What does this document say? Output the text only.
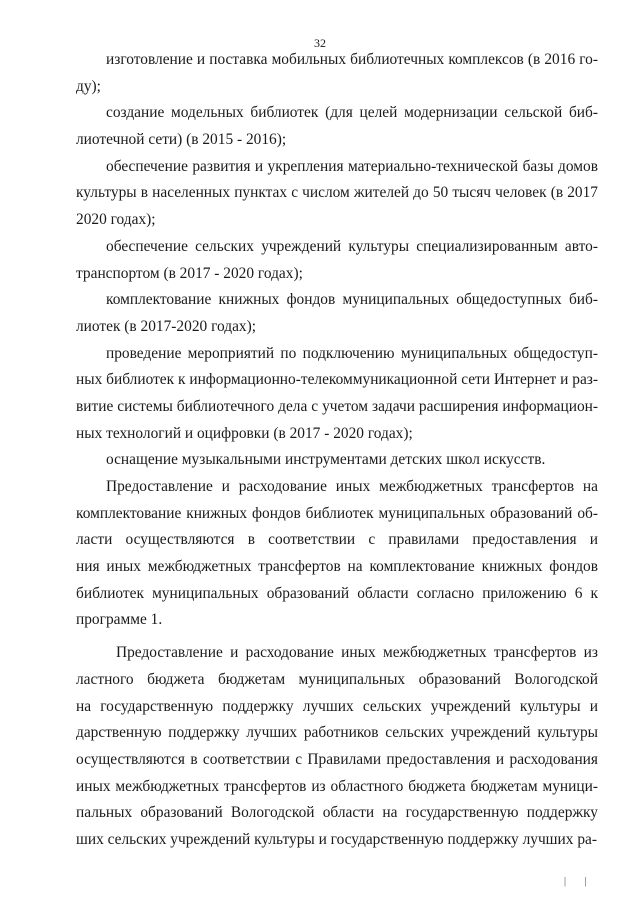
32
изготовление и поставка мобильных библиотечных комплексов (в 2016 го-
ду);
создание модельных библиотек (для целей модернизации сельской биб-
лиотечной сети) (в 2015 - 2016);
обеспечение развития и укрепления материально-технической базы домов
культуры в населенных пунктах с числом жителей до 50 тысяч человек (в 2017
2020 годах);
обеспечение сельских учреждений культуры специализированным авто-
транспортом (в 2017 - 2020 годах);
комплектование книжных фондов муниципальных общедоступных биб-
лиотек (в 2017-2020 годах);
проведение мероприятий по подключению муниципальных общедоступ-
ных библиотек к информационно-телекоммуникационной сети Интернет и раз-
витие системы библиотечного дела с учетом задачи расширения информацион-
ных технологий и оцифровки (в 2017 - 2020 годах);
оснащение музыкальными инструментами детских школ искусств.
Предоставление и расходование иных межбюджетных трансфертов на
комплектование книжных фондов библиотек муниципальных образований об-
ласти осуществляются в соответствии с правилами предоставления и
ния иных межбюджетных трансфертов на комплектование книжных фондов
библиотек муниципальных образований области согласно приложению 6 к
программе 1.
Предоставление и расходование иных межбюджетных трансфертов из
ластного бюджета бюджетам муниципальных образований Вологодской
на государственную поддержку лучших сельских учреждений культуры и
дарственную поддержку лучших работников сельских учреждений культуры
осуществляются в соответствии с Правилами предоставления и расходования
иных межбюджетных трансфертов из областного бюджета бюджетам муници-
пальных образований Вологодской области на государственную поддержку
ших сельских учреждений культуры и государственную поддержку лучших ра-
| |
